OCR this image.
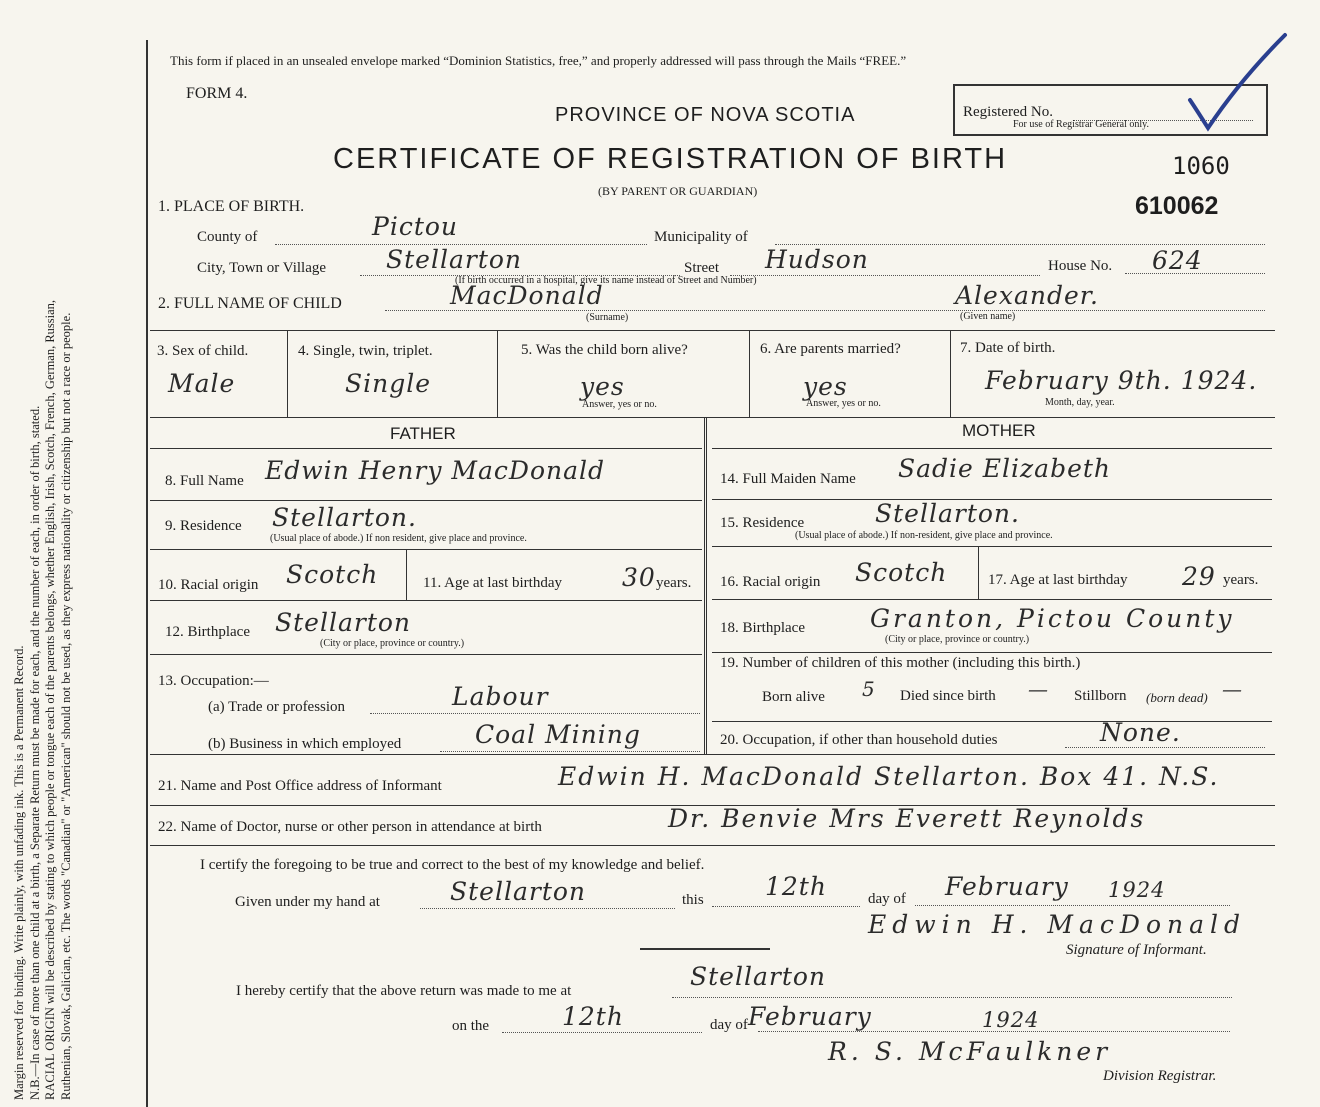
Margin reserved for binding. Write plainly, with unfading ink. This is a Permanent Record. N.B.—In case of more than one child at a birth, a Separate Return must be made for each, and the number of each, in order of birth, stated. RACIAL ORIGIN will be described by stating to which people or tongue each of the parents belongs, whether English, Irish, Scotch, French, German, Russian, Ruthenian, Slovak, Galician, etc. The words "Canadian" or "American" should not be used, as they express nationality or citizenship but not a race or people.
This form if placed in an unsealed envelope marked “Dominion Statistics, free,” and properly addressed will pass through the Mails “FREE.”
FORM 4.
PROVINCE OF NOVA SCOTIA
CERTIFICATE OF REGISTRATION OF BIRTH
(BY PARENT OR GUARDIAN)
Registered No.
For use of Registrar General only.
1060
610062
1. PLACE OF BIRTH.
County of	Pictou	Municipality of
City, Town or Village Stellarton	Street Hudson	House No. 624
(If birth occurred in a hospital, give its name instead of Street and Number)
2. FULL NAME OF CHILD	MacDonald
(Surname)
Alexander.
(Given name)
3. Sex of child.
Male
4. Single, twin, triplet.
Single
5. Was the child born alive?
yes
Answer, yes or no.
6. Are parents married?
yes
Answer, yes or no.
7. Date of birth.
February 9th. 1924.
Month, day, year.
FATHER	MOTHER
8. Full Name Edwin Henry MacDonald
9. Residence Stellarton.
(Usual place of abode.) If non resident, give place and province.
10. Racial origin Scotch	11. Age at last birthday 30 years.
12. Birthplace Stellarton
(City or place, province or country.)
13. Occupation:—
(a) Trade or profession	Labour
(b) Business in which employed	Coal Mining
14. Full Maiden Name Sadie Elizabeth
15. Residence	Stellarton.
(Usual place of abode.) If non-resident, give place and province.
16. Racial origin Scotch	17. Age at last birthday 29 years.
18. Birthplace	Granton, Pictou County
(City or place, province or country.)
19. Number of children of this mother (including this birth.)
Born alive 5 Died since birth — Stillborn (born dead) —
20. Occupation, if other than household duties	None.
21. Name and Post Office address of Informant	Edwin H. MacDonald Stellarton. Box 41. N.S.
22. Name of Doctor, nurse or other person in attendance at birth	Dr. Benvie Mrs Everett Reynolds
I certify the foregoing to be true and correct to the best of my knowledge and belief.
Given under my hand at	Stellarton	this 12th	day of February 1924
Edwin H. MacDonald
Signature of Informant.
I hereby certify that the above return was made to me at	Stellarton
on the	12th	day of February	1924
R. S. McFaulkner
Division Registrar.
